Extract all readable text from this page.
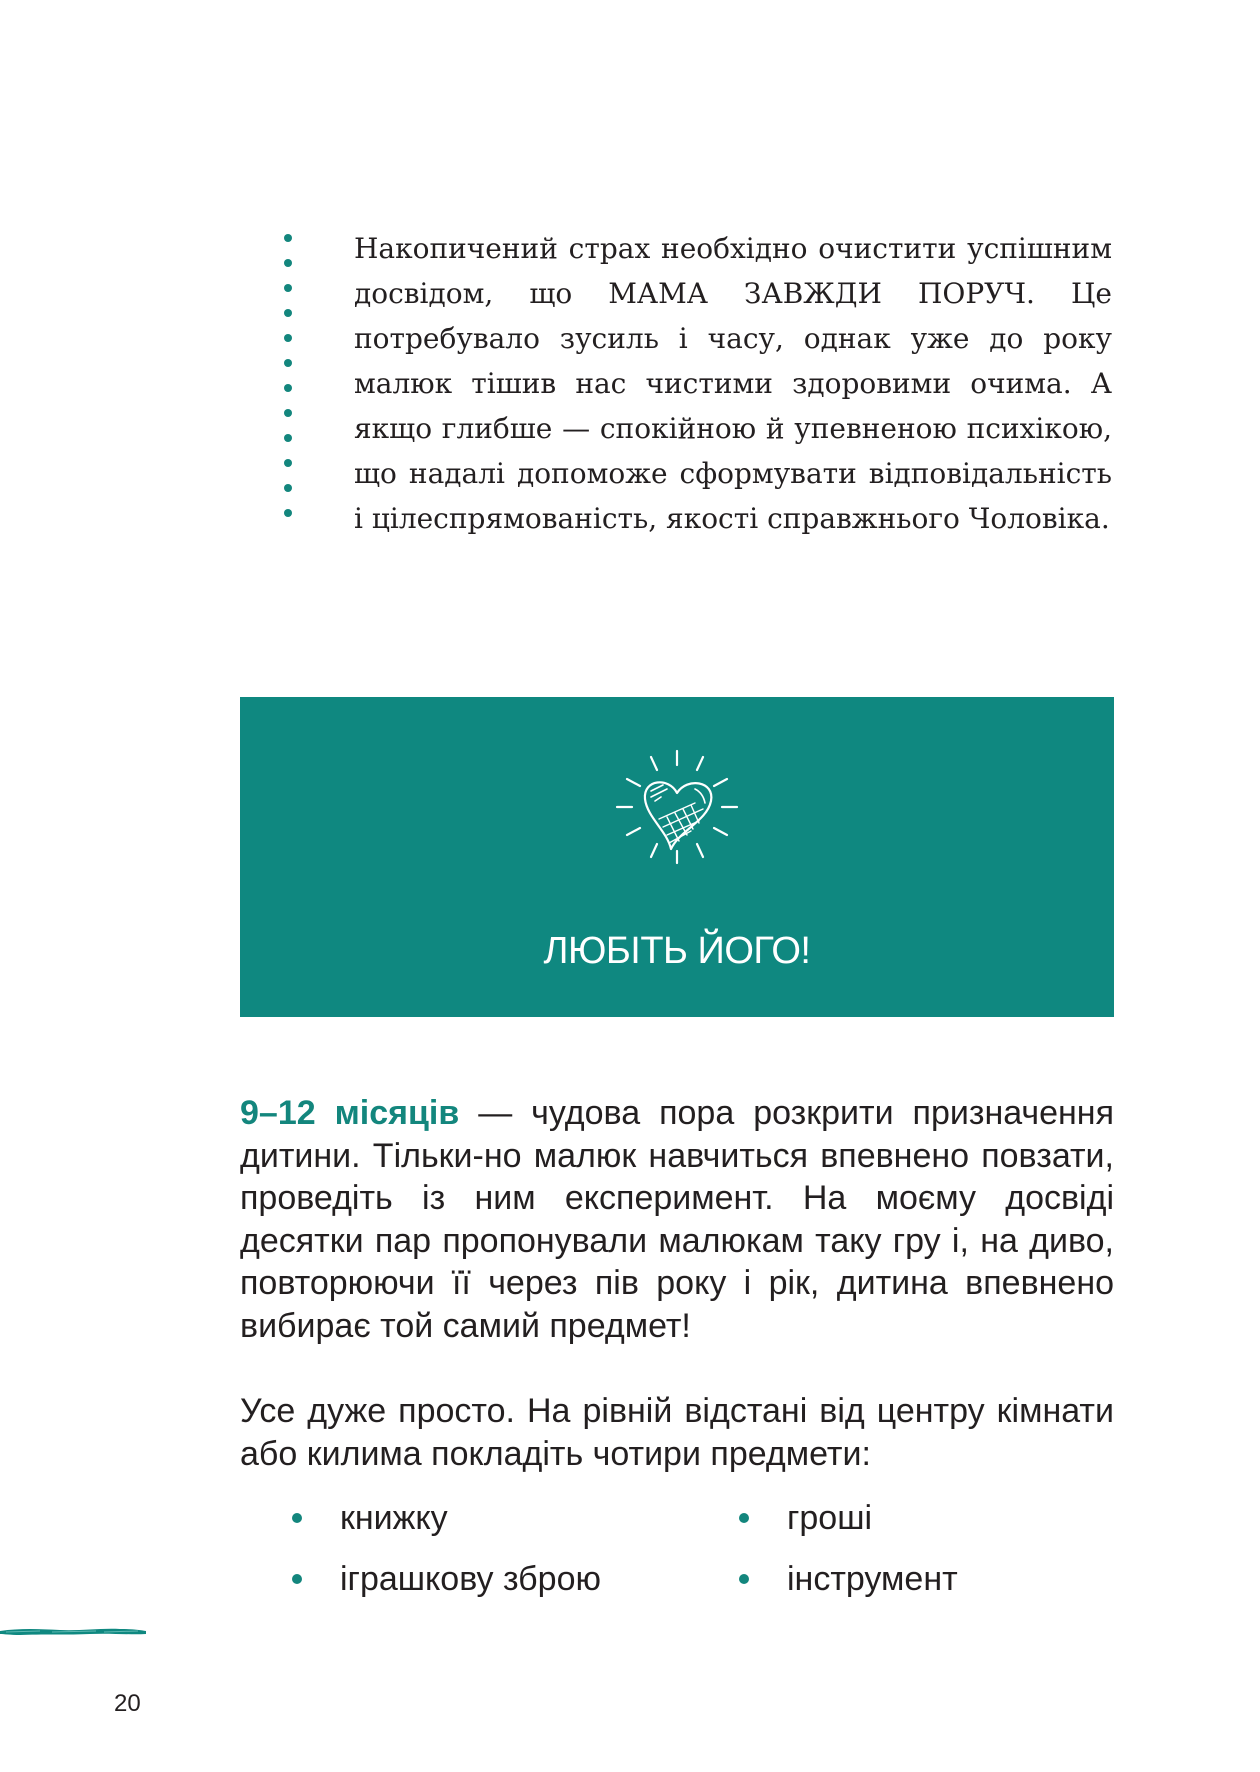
Накопичений страх необхідно очистити успішним досвідом, що МАМА ЗАВЖДИ ПОРУЧ. Це потребувало зусиль і часу, однак уже до року малюк тішив нас чистими здоровими очима. А якщо глибше — спокійною й упевненою психікою, що надалі допоможе сформувати відповідальність і цілеспрямованість, якості справжнього Чоловіка.

ЛЮБІТЬ ЙОГО!

9–12 місяців — чудова пора розкрити призначення дитини. Тільки-но малюк навчиться впевнено повзати, проведіть із ним експеримент. На моєму досвіді десятки пар пропонували малюкам таку гру і, на диво, повторюючи її через пів року і рік, дитина впевнено вибирає той самий предмет!

Усе дуже просто. На рівній відстані від центру кімнати або килима покладіть чотири предмети:

книжку	гроші
іграшкову зброю	інструмент

20
